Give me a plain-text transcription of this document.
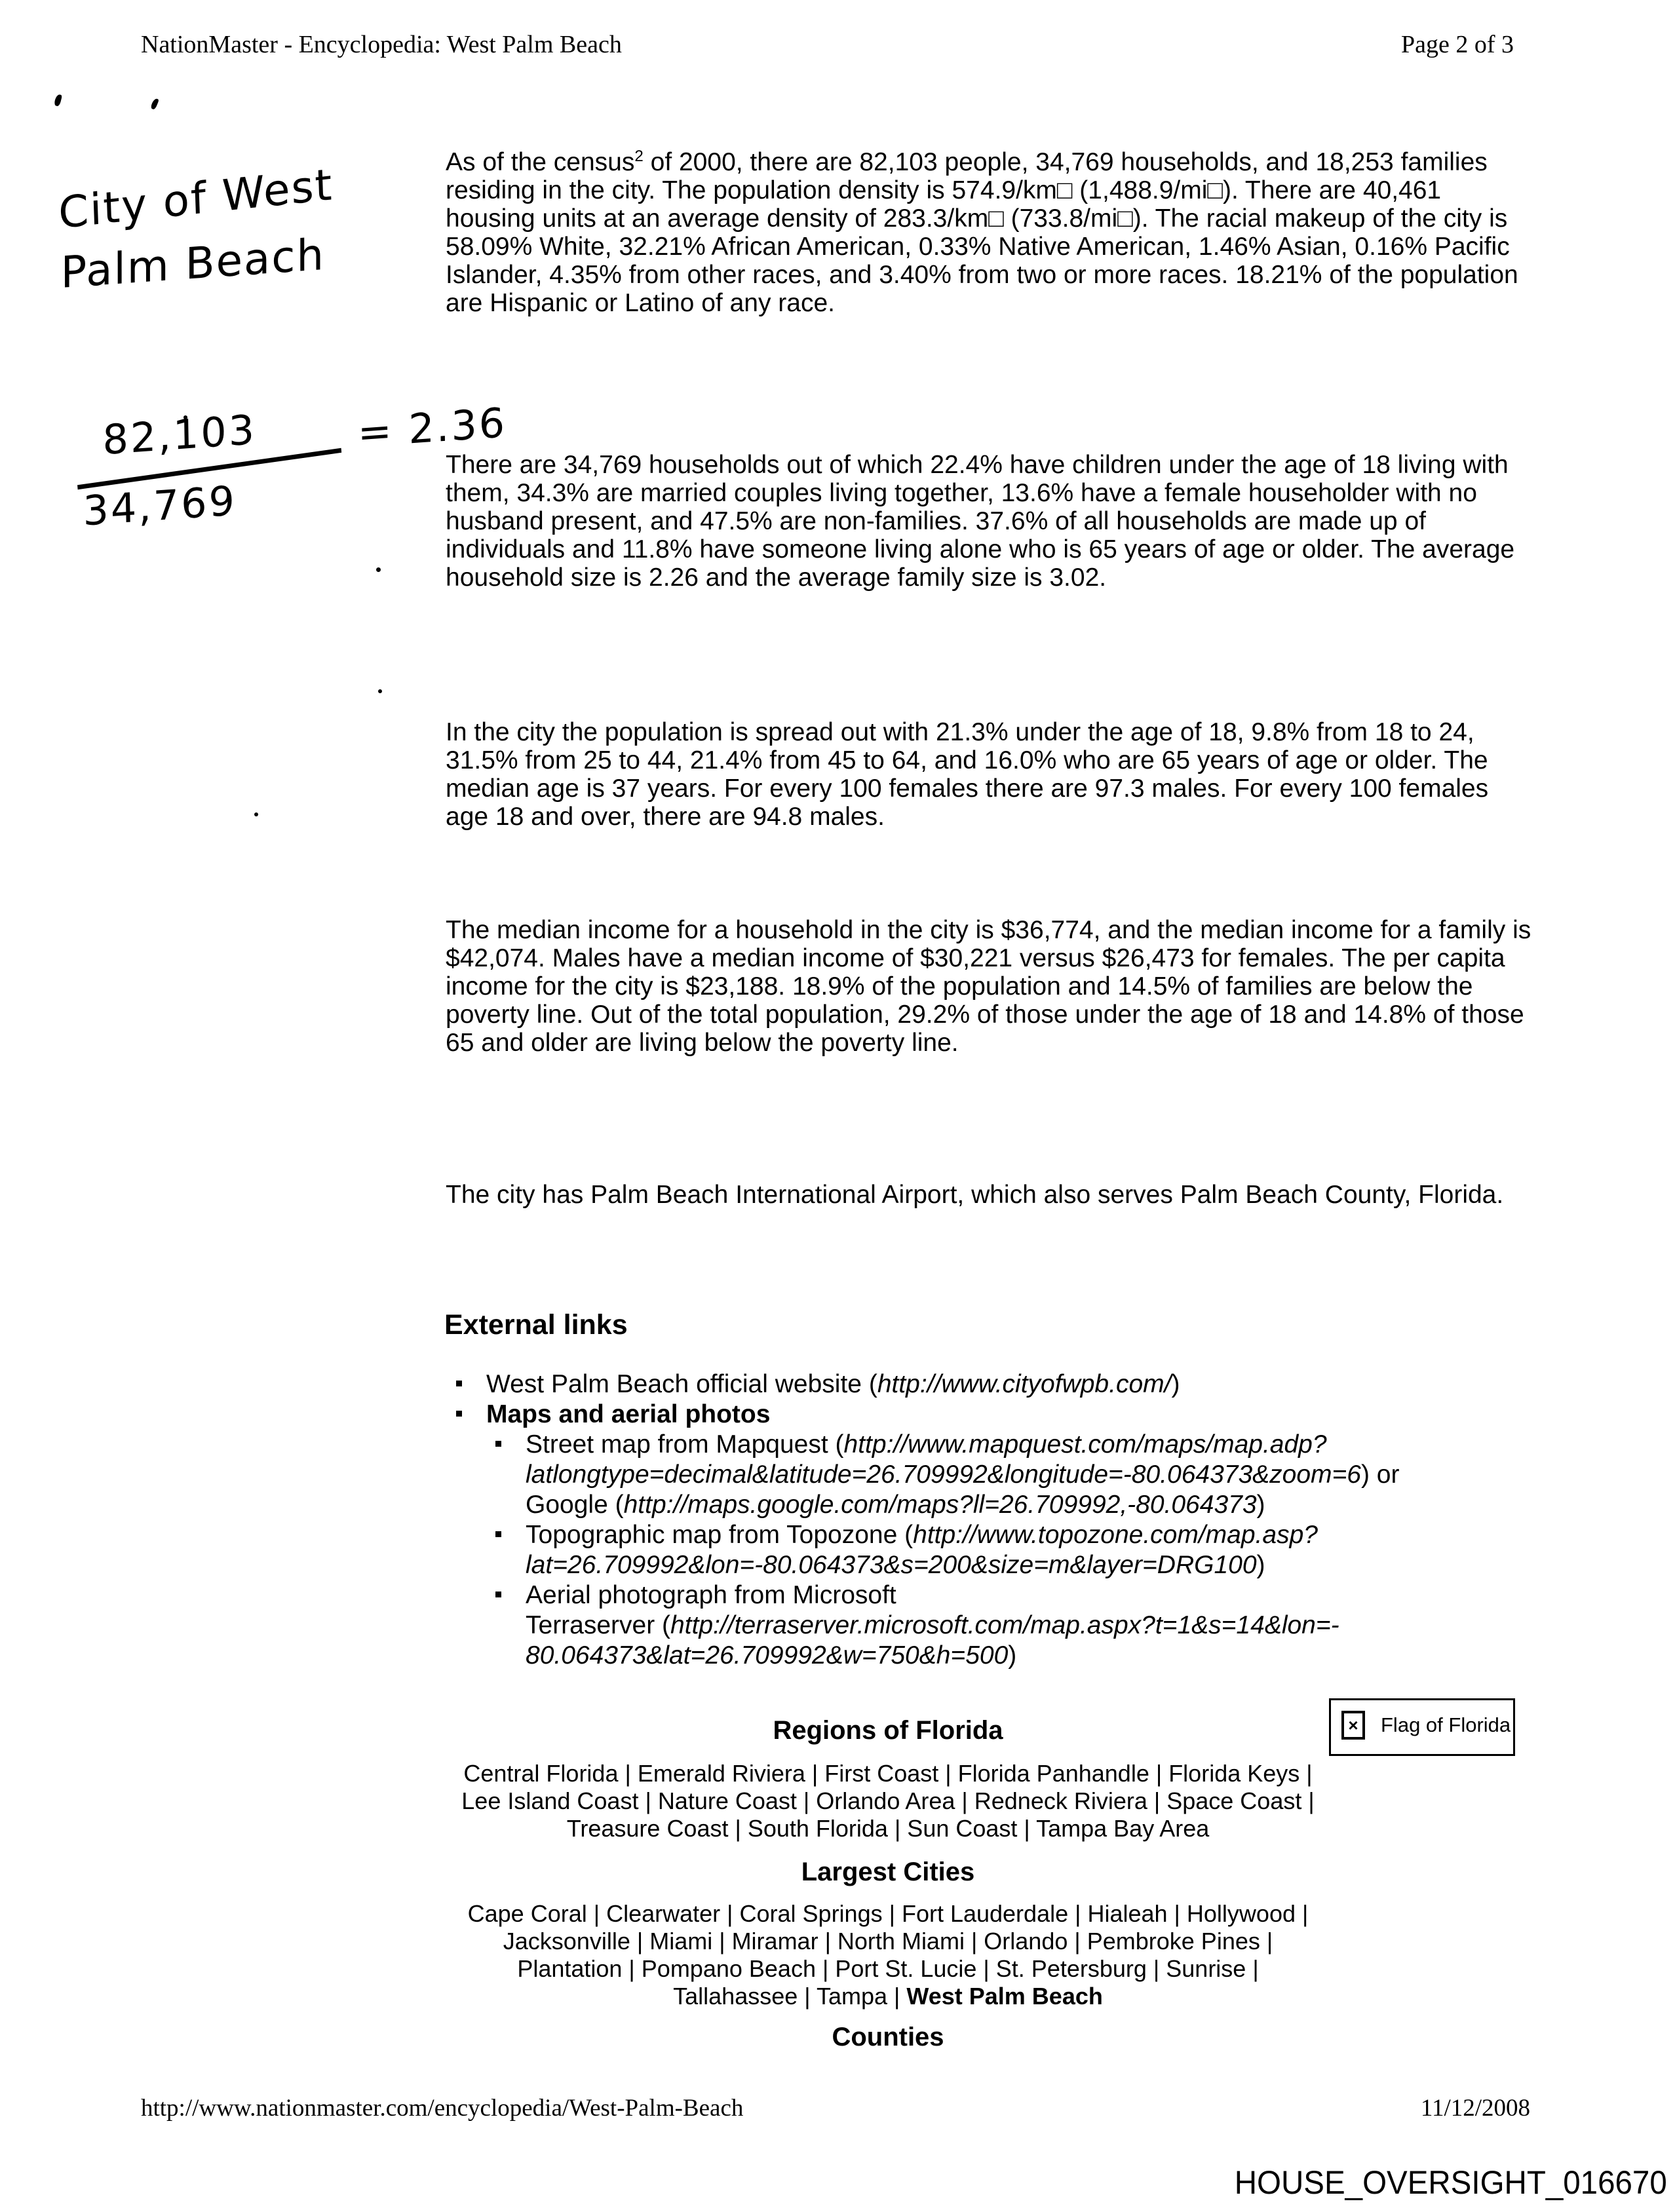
NationMaster - Encyclopedia: West Palm Beach	Page 2 of 3
City of West
Palm Beach
82,103
34,769
= 2.36
As of the census$^2$ of 2000, there are 82,103 people, 34,769 households, and 18,253 families residing in the city. The population density is 574.9/km□ (1,488.9/mi□). There are 40,461 housing units at an average density of 283.3/km□ (733.8/mi□). The racial makeup of the city is 58.09% White, 32.21% African American, 0.33% Native American, 1.46% Asian, 0.16% Pacific Islander, 4.35% from other races, and 3.40% from two or more races. 18.21% of the population are Hispanic or Latino of any race.
There are 34,769 households out of which 22.4% have children under the age of 18 living with them, 34.3% are married couples living together, 13.6% have a female householder with no husband present, and 47.5% are non-families. 37.6% of all households are made up of individuals and 11.8% have someone living alone who is 65 years of age or older. The average household size is 2.26 and the average family size is 3.02.
In the city the population is spread out with 21.3% under the age of 18, 9.8% from 18 to 24, 31.5% from 25 to 44, 21.4% from 45 to 64, and 16.0% who are 65 years of age or older. The median age is 37 years. For every 100 females there are 97.3 males. For every 100 females age 18 and over, there are 94.8 males.
The median income for a household in the city is $36,774, and the median income for a family is $42,074. Males have a median income of $30,221 versus $26,473 for females. The per capita income for the city is $23,188. 18.9% of the population and 14.5% of families are below the poverty line. Out of the total population, 29.2% of those under the age of 18 and 14.8% of those 65 and older are living below the poverty line.
The city has Palm Beach International Airport, which also serves Palm Beach County, Florida.
External links
West Palm Beach official website (http://www.cityofwpb.com/)
Maps and aerial photos
Street map from Mapquest (http://www.mapquest.com/maps/map.adp?
latlongtype=decimal&latitude=26.709992&longitude=-80.064373&zoom=6) or
Google (http://maps.google.com/maps?ll=26.709992,-80.064373)
Topographic map from Topozone (http://www.topozone.com/map.asp?
lat=26.709992&lon=-80.064373&s=200&size=m&layer=DRG100)
Aerial photograph from Microsoft
Terraserver (http://terraserver.microsoft.com/map.aspx?t=1&s=14&lon=-
80.064373&lat=26.709992&w=750&h=500)
×	Flag of Florida
Regions of Florida
Central Florida | Emerald Riviera | First Coast | Florida Panhandle | Florida Keys |
Lee Island Coast | Nature Coast | Orlando Area | Redneck Riviera | Space Coast |
Treasure Coast | South Florida | Sun Coast | Tampa Bay Area
Largest Cities
Cape Coral | Clearwater | Coral Springs | Fort Lauderdale | Hialeah | Hollywood |
Jacksonville | Miami | Miramar | North Miami | Orlando | Pembroke Pines |
Plantation | Pompano Beach | Port St. Lucie | St. Petersburg | Sunrise |
Tallahassee | Tampa | West Palm Beach
Counties
http://www.nationmaster.com/encyclopedia/West-Palm-Beach	11/12/2008
HOUSE_OVERSIGHT_016670
